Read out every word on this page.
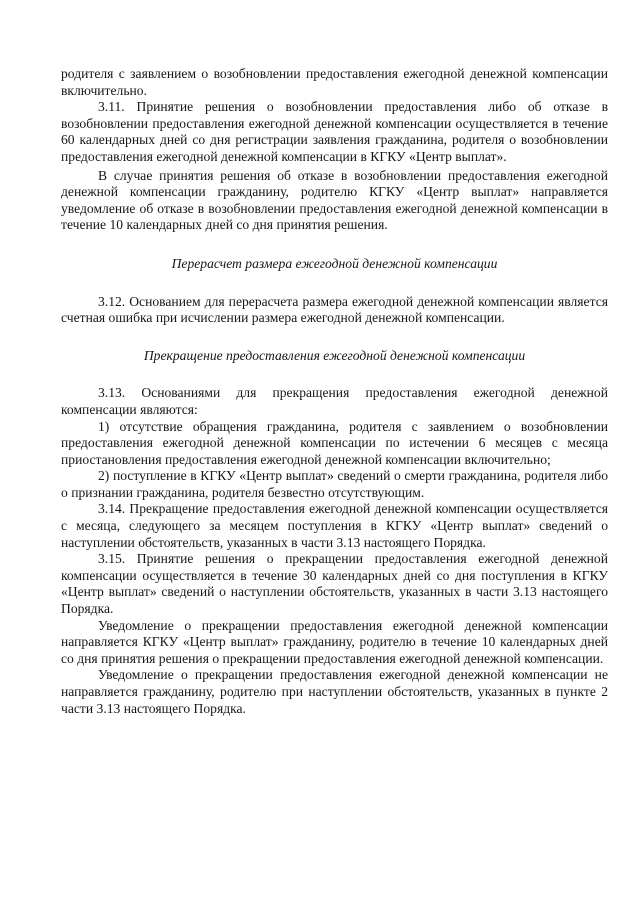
родителя с заявлением о возобновлении предоставления ежегодной денежной компенсации включительно.

3.11. Принятие решения о возобновлении предоставления либо об отказе в возобновлении предоставления ежегодной денежной компенсации осуществляется в течение 60 календарных дней со дня регистрации заявления гражданина, родителя о возобновлении предоставления ежегодной денежной компенсации в КГКУ «Центр выплат».

В случае принятия решения об отказе в возобновлении предоставления ежегодной денежной компенсации гражданину, родителю КГКУ «Центр выплат» направляется уведомление об отказе в возобновлении предоставления ежегодной денежной компенсации в течение 10 календарных дней со дня принятия решения.

Перерасчет размера ежегодной денежной компенсации

3.12. Основанием для перерасчета размера ежегодной денежной компенсации является счетная ошибка при исчислении размера ежегодной денежной компенсации.

Прекращение предоставления ежегодной денежной компенсации

3.13. Основаниями для прекращения предоставления ежегодной денежной компенсации являются:

1) отсутствие обращения гражданина, родителя с заявлением о возобновлении предоставления ежегодной денежной компенсации по истечении 6 месяцев с месяца приостановления предоставления ежегодной денежной компенсации включительно;

2) поступление в КГКУ «Центр выплат» сведений о смерти гражданина, родителя либо о признании гражданина, родителя безвестно отсутствующим.

3.14. Прекращение предоставления ежегодной денежной компенсации осуществляется с месяца, следующего за месяцем поступления в КГКУ «Центр выплат» сведений о наступлении обстоятельств, указанных в части 3.13 настоящего Порядка.

3.15. Принятие решения о прекращении предоставления ежегодной денежной компенсации осуществляется в течение 30 календарных дней со дня поступления в КГКУ «Центр выплат» сведений о наступлении обстоятельств, указанных в части 3.13 настоящего Порядка.

Уведомление о прекращении предоставления ежегодной денежной компенсации направляется КГКУ «Центр выплат» гражданину, родителю в течение 10 календарных дней со дня принятия решения о прекращении предоставления ежегодной денежной компенсации.

Уведомление о прекращении предоставления ежегодной денежной компенсации не направляется гражданину, родителю при наступлении обстоятельств, указанных в пункте 2 части 3.13 настоящего Порядка.
